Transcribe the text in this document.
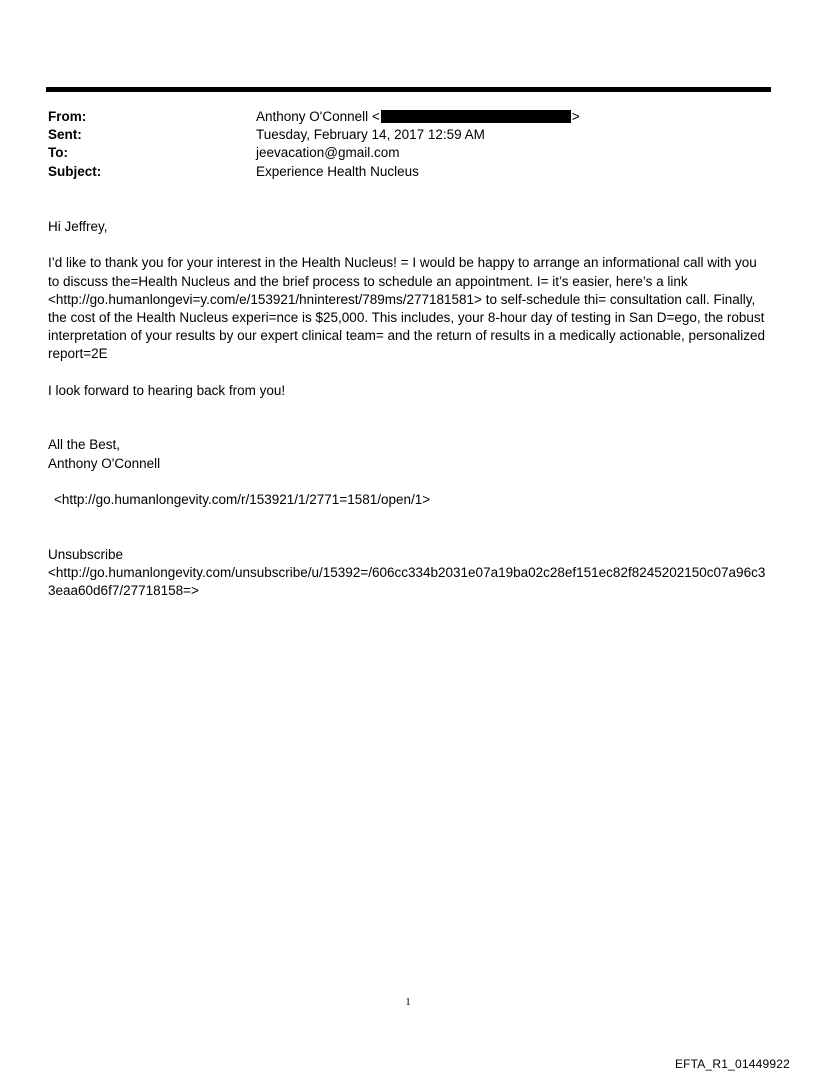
From:	Anthony O'Connell <	>
Sent:	Tuesday, February 14, 2017 12:59 AM
To:	jeevacation@gmail.com
Subject:	Experience Health Nucleus

Hi Jeffrey,

I’d like to thank you for your interest in the Health Nucleus! = I would be happy to arrange an informational call with you to discuss the=Health Nucleus and the brief process to schedule an appointment. I= it’s easier, here’s a link <http://go.humanlongevi=y.com/e/153921/hninterest/789ms/277181581> to self-schedule thi= consultation call. Finally, the cost of the Health Nucleus experi=nce is $25,000. This includes, your 8-hour day of testing in San D=ego, the robust interpretation of your results by our expert clinical team= and the return of results in a medically actionable, personalized report=2E

I look forward to hearing back from you!

All the Best,

Anthony O'Connell

<http://go.humanlongevity.com/r/153921/1/2771=1581/open/1>

Unsubscribe

<http://go.humanlongevity.com/unsubscribe/u/15392=/606cc334b2031e07a19ba02c28ef151ec82f8245202150c07a96c33eaa60d6f7/27718158=>

1
EFTA_R1_01449922
